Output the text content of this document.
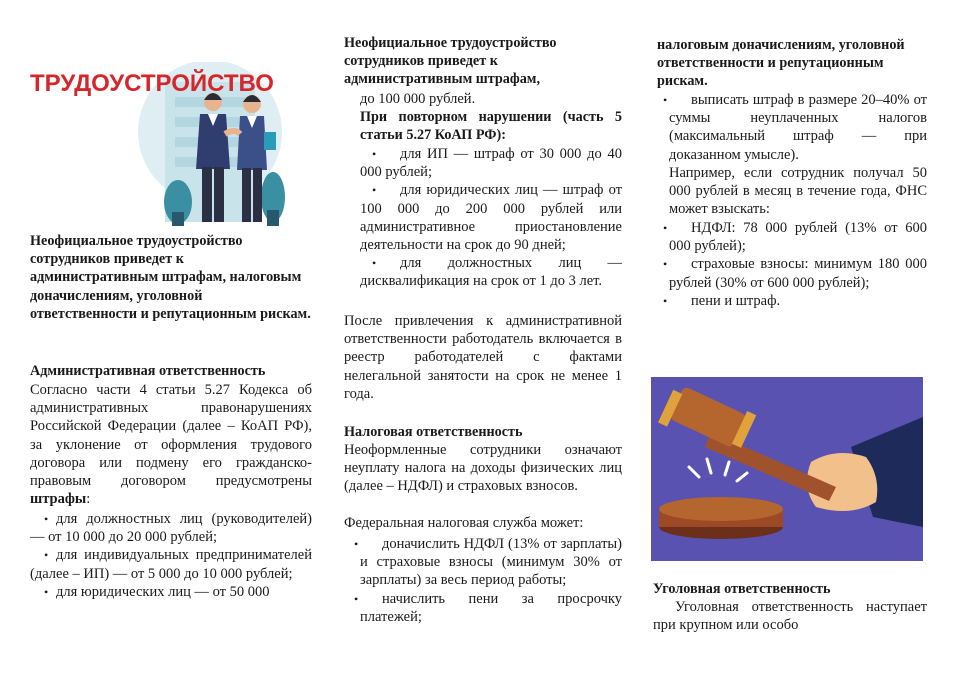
ТРУДОУСТРОЙСТВО
Неофициальное трудоустройство сотрудников приведет к административным штрафам, налоговым доначислениям, уголовной ответственности и репутационным рискам.
Административная ответственность
Согласно части 4 статьи 5.27 Кодекса об административных правонарушениях Российской Федерации (далее – КоАП РФ), за уклонение от оформления трудового договора или подмену его гражданско-правовым договором предусмотрены штрафы:
• для должностных лиц (руководителей) — от 10 000 до 20 000 рублей;
• для индивидуальных предпринимателей (далее – ИП) — от 5 000 до 10 000 рублей;
• для юридических лиц — от 50 000
Неофициальное трудоустройство сотрудников приведет к административным штрафам,
до 100 000 рублей.
При повторном нарушении (часть 5 статьи 5.27 КоАП РФ):
• для ИП — штраф от 30 000 до 40 000 рублей;
• для юридических лиц — штраф от 100 000 до 200 000 рублей или административное приостановление деятельности на срок до 90 дней;
• для должностных лиц — дисквалификация на срок от 1 до 3 лет.
После привлечения к административной ответственности работодатель включается в реестр работодателей с фактами нелегальной занятости на срок не менее 1 года.
Налоговая ответственность
Неоформленные сотрудники означают неуплату налога на доходы физических лиц (далее – НДФЛ) и страховых взносов.
Федеральная налоговая служба может:
• доначислить НДФЛ (13% от зарплаты) и страховые взносы (минимум 30% от зарплаты) за весь период работы;
• начислить пени за просрочку платежей;
налоговым доначислениям, уголовной ответственности и репутационным рискам.
• выписать штраф в размере 20–40% от суммы неуплаченных налогов (максимальный штраф — при доказанном умысле).
Например, если сотрудник получал 50 000 рублей в месяц в течение года, ФНС может взыскать:
• НДФЛ: 78 000 рублей (13% от 600 000 рублей);
• страховые взносы: минимум 180 000 рублей (30% от 600 000 рублей);
• пени и штраф.
Уголовная ответственность
Уголовная ответственность наступает при крупном или особо
